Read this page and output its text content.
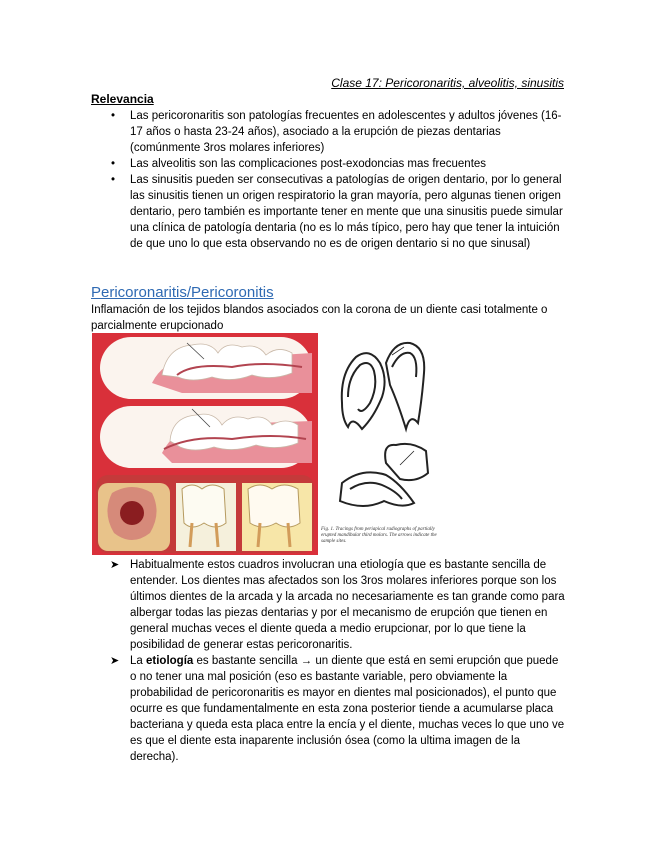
Clase 17: Pericoronaritis, alveolitis, sinusitis
Relevancia
• Las pericoronaritis son patologías frecuentes en adolescentes y adultos jóvenes (16-17 años o hasta 23-24 años), asociado a la erupción de piezas dentarias (comúnmente 3ros molares inferiores)
• Las alveolitis son las complicaciones post-exodoncias mas frecuentes
• Las sinusitis pueden ser consecutivas a patologías de origen dentario, por lo general las sinusitis tienen un origen respiratorio la gran mayoría, pero algunas tienen origen dentario, pero también es importante tener en mente que una sinusitis puede simular una clínica de patología dentaria (no es lo más típico, pero hay que tener la intuición de que uno lo que esta observando no es de origen dentario si no que sinusal)
Pericoronaritis/Pericoronitis
Inflamación de los tejidos blandos asociados con la corona de un diente casi totalmente o parcialmente erupcionado
Fig. 1. Tracings from periapical radiographs of partially erupted mandibular third molars. The arrows indicate the sample sites.
➤ Habitualmente estos cuadros involucran una etiología que es bastante sencilla de entender. Los dientes mas afectados son los 3ros molares inferiores porque son los últimos dientes de la arcada y la arcada no necesariamente es tan grande como para albergar todas las piezas dentarias y por el mecanismo de erupción que tienen en general muchas veces el diente queda a medio erupcionar, por lo que tiene la posibilidad de generar estas pericoronaritis.
➤ La etiología es bastante sencilla → un diente que está en semi erupción que puede o no tener una mal posición (eso es bastante variable, pero obviamente la probabilidad de pericoronaritis es mayor en dientes mal posicionados), el punto que ocurre es que fundamentalmente en esta zona posterior tiende a acumularse placa bacteriana y queda esta placa entre la encía y el diente, muchas veces lo que uno ve es que el diente esta inaparente inclusión ósea (como la ultima imagen de la derecha).
